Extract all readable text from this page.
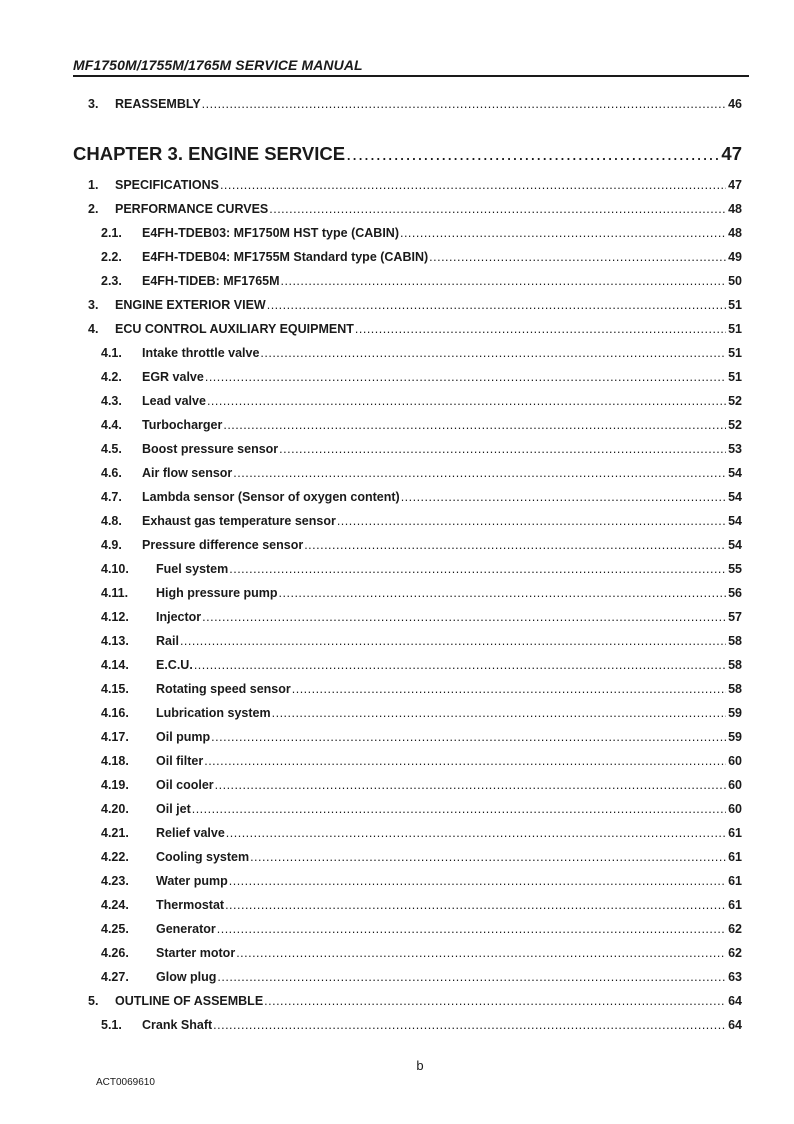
MF1750M/1755M/1765M SERVICE MANUAL
3. REASSEMBLY .....	46
CHAPTER 3. ENGINE SERVICE .....	47
1. SPECIFICATIONS .....	47
2. PERFORMANCE CURVES .....	48
2.1. E4FH-TDEB03: MF1750M HST type (CABIN) .....	48
2.2. E4FH-TDEB04: MF1755M Standard type (CABIN) .....	49
2.3. E4FH-TIDEB: MF1765M .....	50
3. ENGINE EXTERIOR VIEW .....	51
4. ECU CONTROL AUXILIARY EQUIPMENT .....	51
4.1. Intake throttle valve .....	51
4.2. EGR valve .....	51
4.3. Lead valve .....	52
4.4. Turbocharger .....	52
4.5. Boost pressure sensor .....	53
4.6. Air flow sensor .....	54
4.7. Lambda sensor (Sensor of oxygen content) .....	54
4.8. Exhaust gas temperature sensor .....	54
4.9. Pressure difference sensor .....	54
4.10. Fuel system .....	55
4.11. High pressure pump .....	56
4.12. Injector .....	57
4.13. Rail .....	58
4.14. E.C.U. .....	58
4.15. Rotating speed sensor .....	58
4.16. Lubrication system .....	59
4.17. Oil pump .....	59
4.18. Oil filter .....	60
4.19. Oil cooler .....	60
4.20. Oil jet .....	60
4.21. Relief valve .....	61
4.22. Cooling system .....	61
4.23. Water pump .....	61
4.24. Thermostat .....	61
4.25. Generator .....	62
4.26. Starter motor .....	62
4.27. Glow plug .....	63
5. OUTLINE OF ASSEMBLE .....	64
5.1. Crank Shaft .....	64
b
ACT0069610
